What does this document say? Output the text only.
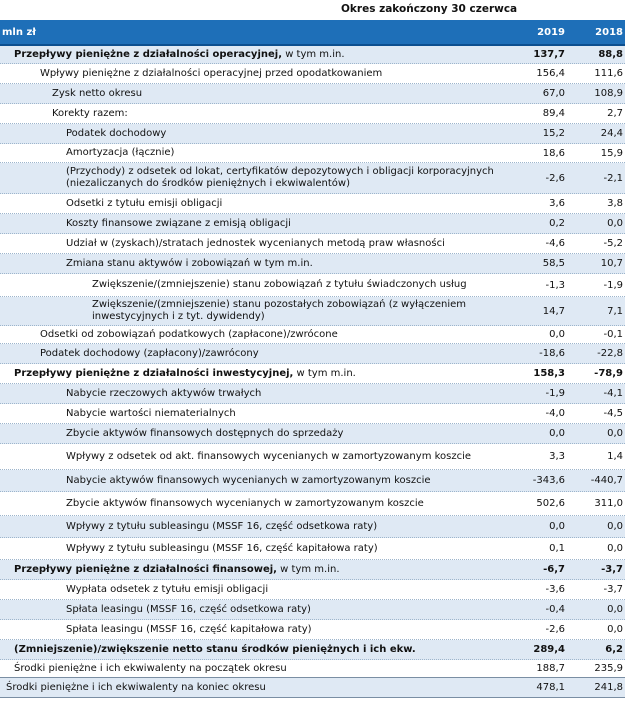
Okres zakończony 30 czerwca
mln zł	2019	2018
Przepływy pieniężne z działalności operacyjnej, w tym m.in.	137,7	88,8
Wpływy pieniężne z działalności operacyjnej przed opodatkowaniem	156,4	111,6
Zysk netto okresu	67,0	108,9
Korekty razem:	89,4	2,7
Podatek dochodowy	15,2	24,4
Amortyzacja (łącznie)	18,6	15,9
(Przychody) z odsetek od lokat, certyfikatów depozytowych i obligacji korporacyjnych (niezaliczanych do środków pieniężnych i ekwiwalentów)	-2,6	-2,1
Odsetki z tytułu emisji obligacji	3,6	3,8
Koszty finansowe związane z emisją obligacji	0,2	0,0
Udział w (zyskach)/stratach jednostek wycenianych metodą praw własności	-4,6	-5,2
Zmiana stanu aktywów i zobowiązań w tym m.in.	58,5	10,7
Zwiększenie/(zmniejszenie) stanu zobowiązań z tytułu świadczonych usług	-1,3	-1,9
Zwiększenie/(zmniejszenie) stanu pozostałych zobowiązań (z wyłączeniem inwestycyjnych i z tyt. dywidendy)	14,7	7,1
Odsetki od zobowiązań podatkowych (zapłacone)/zwrócone	0,0	-0,1
Podatek dochodowy (zapłacony)/zawrócony	-18,6	-22,8
Przepływy pieniężne z działalności inwestycyjnej, w tym m.in.	158,3	-78,9
Nabycie rzeczowych aktywów trwałych	-1,9	-4,1
Nabycie wartości niematerialnych	-4,0	-4,5
Zbycie aktywów finansowych dostępnych do sprzedaży	0,0	0,0
Wpływy z odsetek od akt. finansowych wycenianych w zamortyzowanym koszcie	3,3	1,4
Nabycie aktywów finansowych wycenianych w zamortyzowanym koszcie	-343,6	-440,7
Zbycie aktywów finansowych wycenianych w zamortyzowanym koszcie	502,6	311,0
Wpływy z tytułu subleasingu (MSSF 16, część odsetkowa raty)	0,0	0,0
Wpływy z tytułu subleasingu (MSSF 16, część kapitałowa raty)	0,1	0,0
Przepływy pieniężne z działalności finansowej, w tym m.in.	-6,7	-3,7
Wypłata odsetek z tytułu emisji obligacji	-3,6	-3,7
Spłata leasingu (MSSF 16, część odsetkowa raty)	-0,4	0,0
Spłata leasingu (MSSF 16, część kapitałowa raty)	-2,6	0,0
(Zmniejszenie)/zwiększenie netto stanu środków pieniężnych i ich ekw.	289,4	6,2
Środki pieniężne i ich ekwiwalenty na początek okresu	188,7	235,9
Środki pieniężne i ich ekwiwalenty na koniec okresu	478,1	241,8
